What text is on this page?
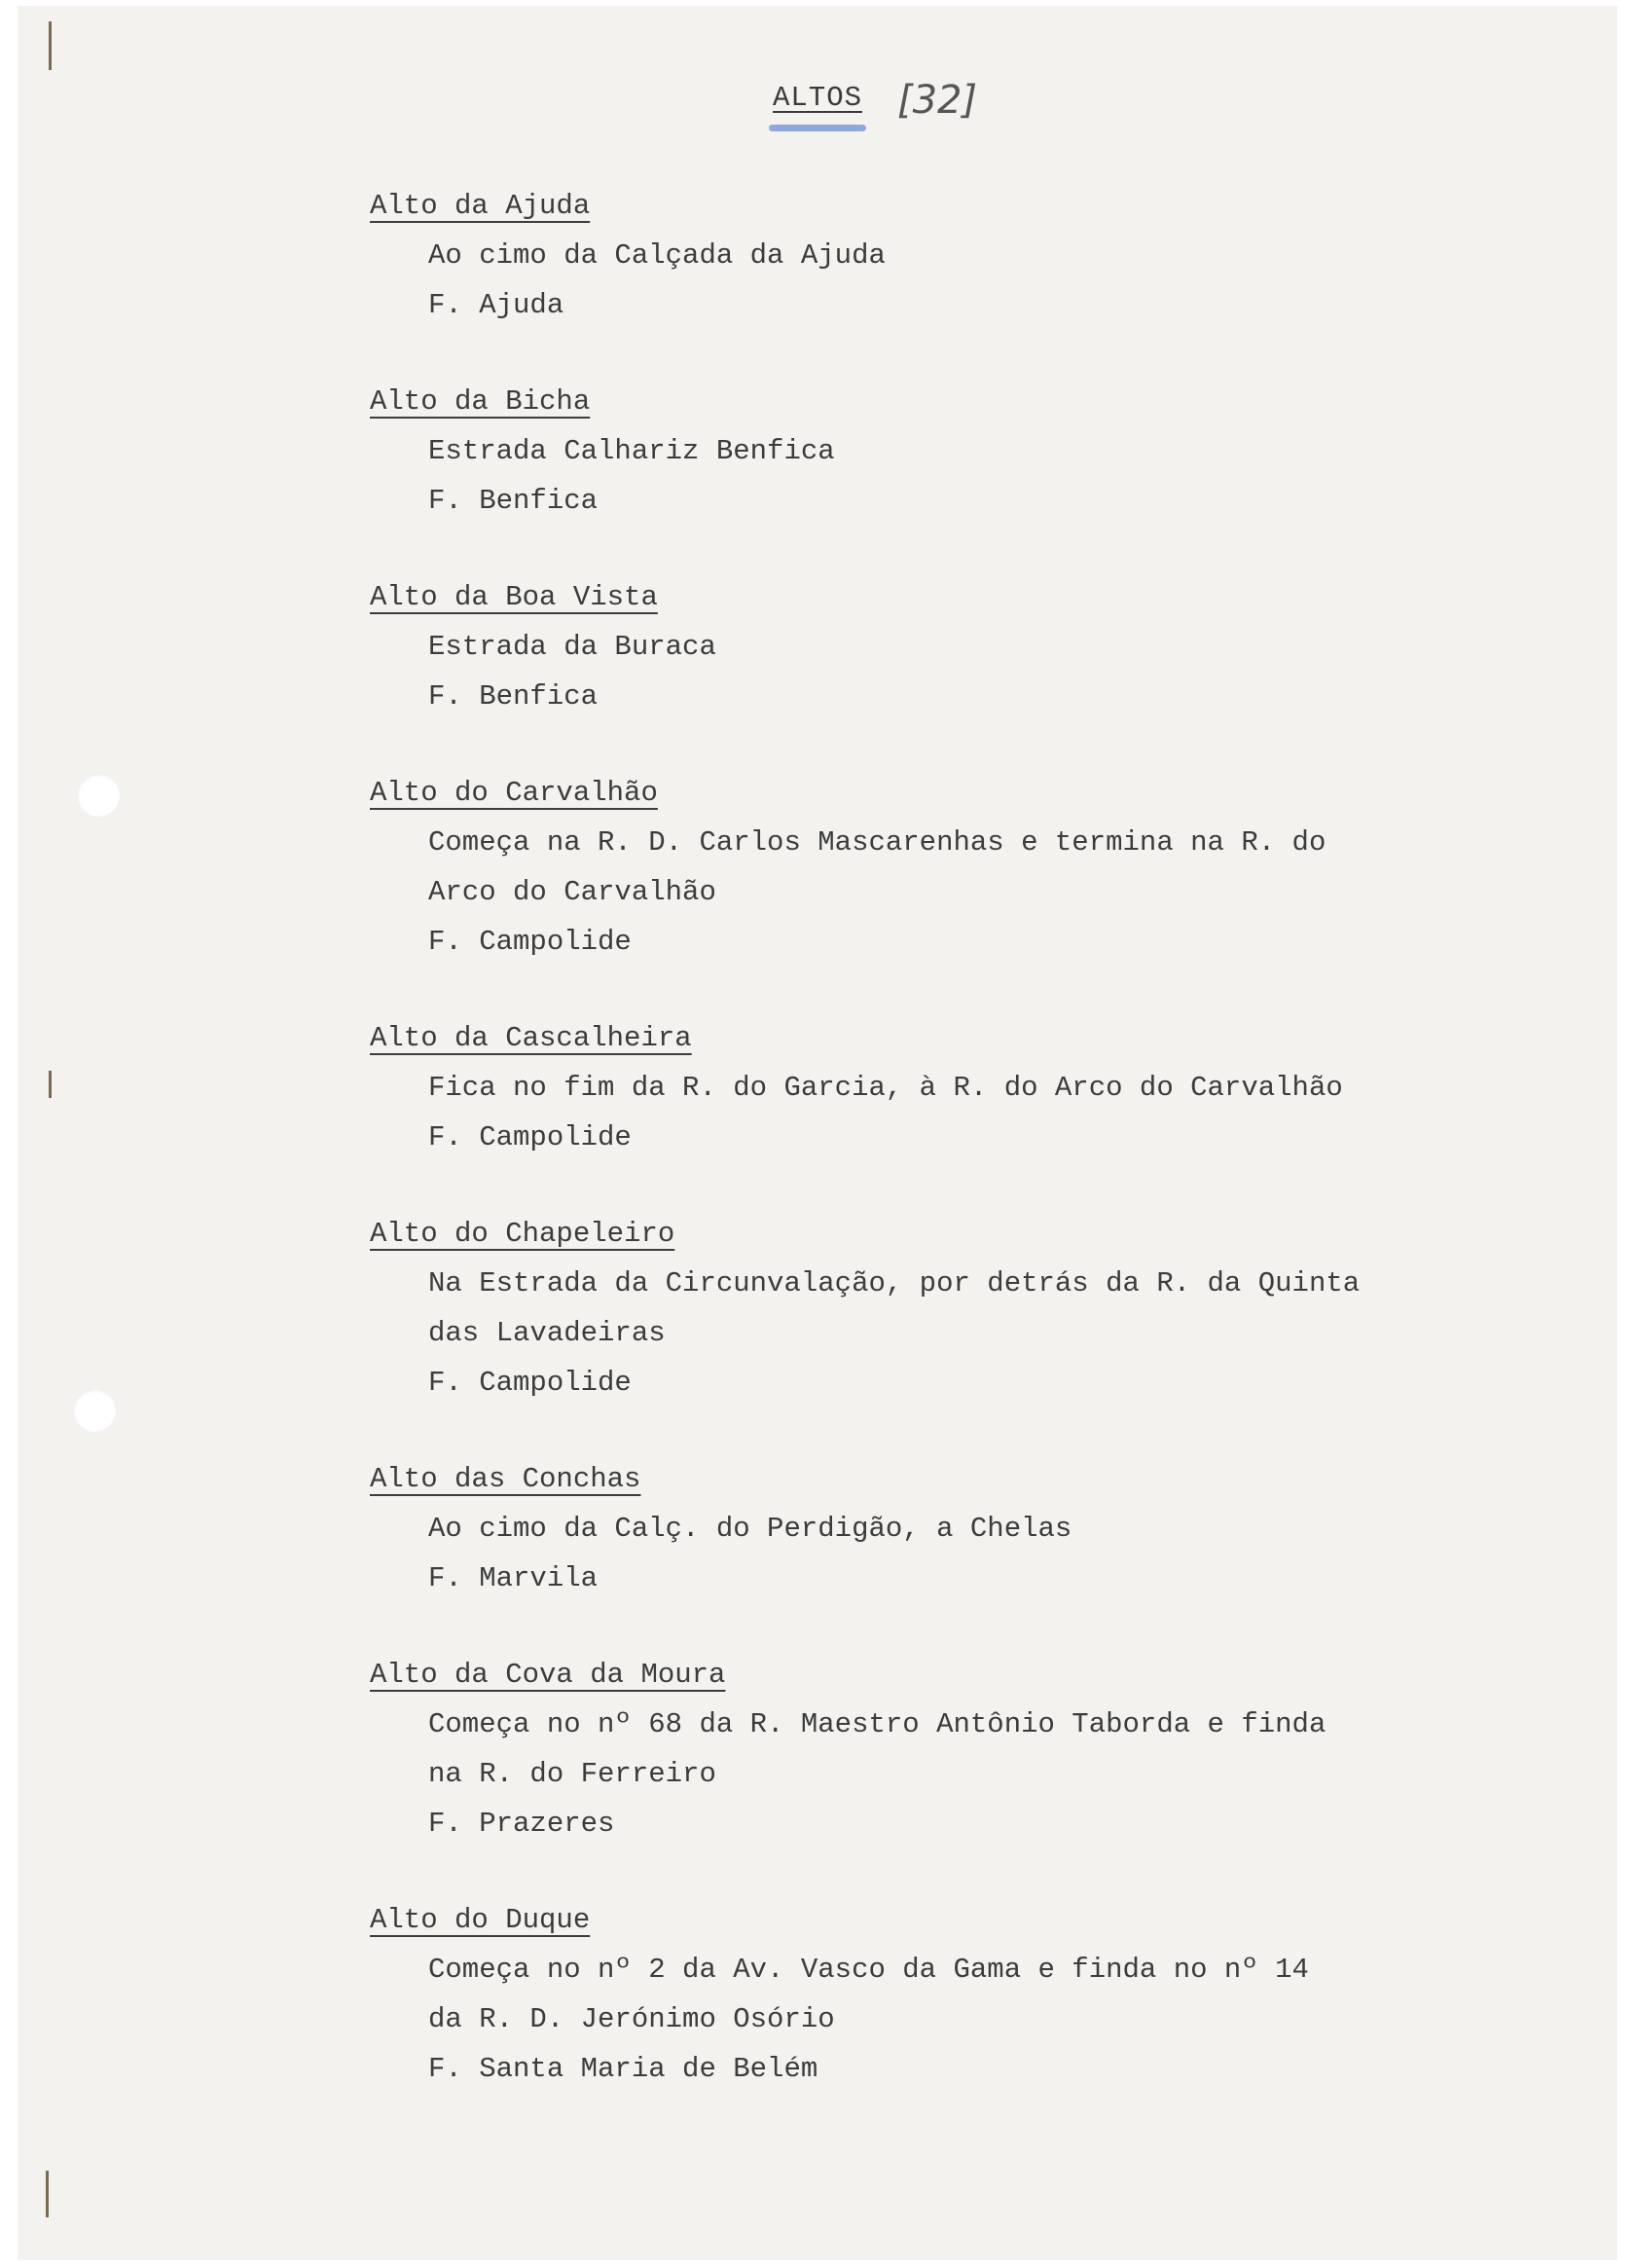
ALTOS [32]
Alto da Ajuda
Ao cimo da Calçada da Ajuda
F. Ajuda
Alto da Bicha
Estrada Calhariz Benfica
F. Benfica
Alto da Boa Vista
Estrada da Buraca
F. Benfica
Alto do Carvalhão
Começa na R. D. Carlos Mascarenhas e termina na R. do
Arco do Carvalhão
F. Campolide
Alto da Cascalheira
Fica no fim da R. do Garcia, à R. do Arco do Carvalhão
F. Campolide
Alto do Chapeleiro
Na Estrada da Circunvalação, por detrás da R. da Quinta
das Lavadeiras
F. Campolide
Alto das Conchas
Ao cimo da Calç. do Perdigão, a Chelas
F. Marvila
Alto da Cova da Moura
Começa no nº 68 da R. Maestro Antônio Taborda e finda
na R. do Ferreiro
F. Prazeres
Alto do Duque
Começa no nº 2 da Av. Vasco da Gama e finda no nº 14
da R. D. Jerónimo Osório
F. Santa Maria de Belém
